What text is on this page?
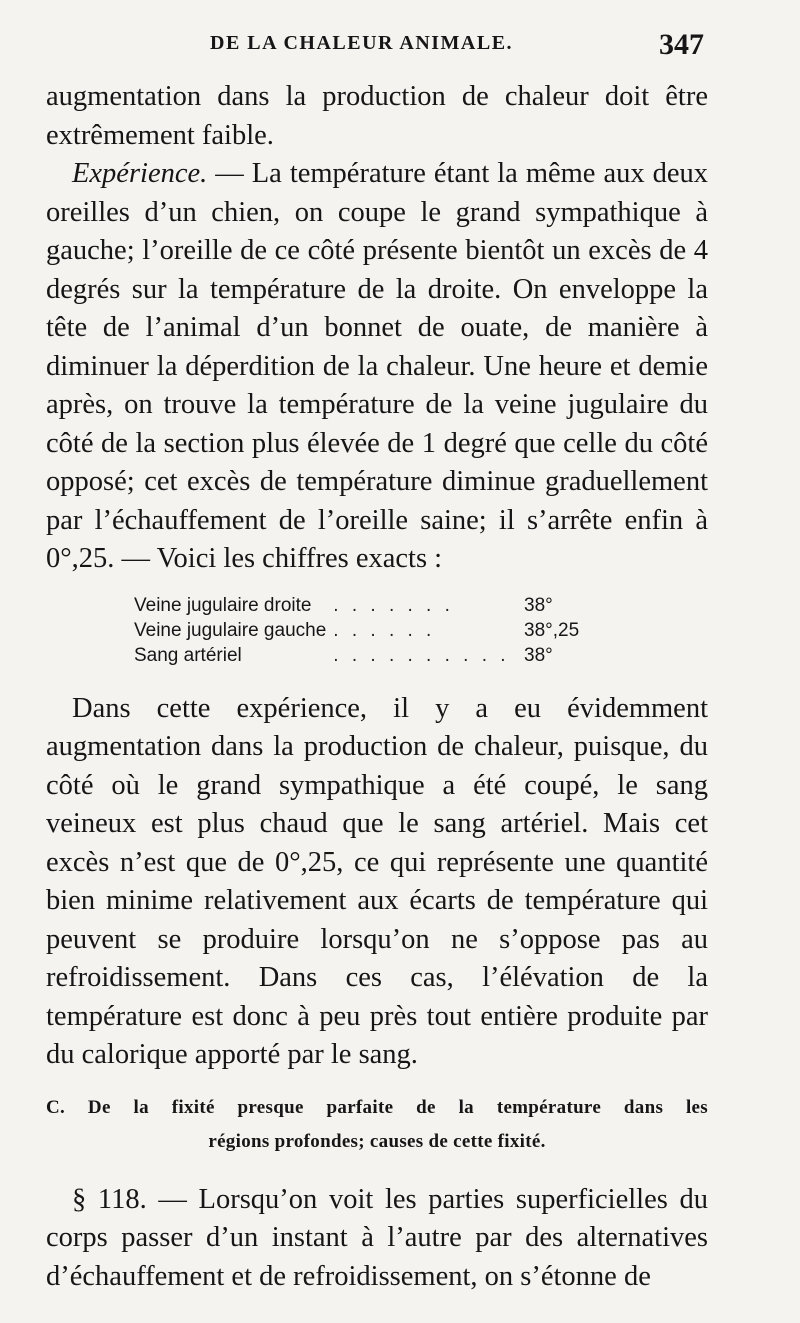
DE LA CHALEUR ANIMALE.	347

augmentation dans la production de chaleur doit être extrêmement faible.

Expérience. — La température étant la même aux deux oreilles d’un chien, on coupe le grand sympathique à gauche; l’oreille de ce côté présente bientôt un excès de 4 degrés sur la température de la droite. On enveloppe la tête de l’animal d’un bonnet de ouate, de manière à diminuer la déperdition de la chaleur. Une heure et demie après, on trouve la température de la veine jugulaire du côté de la section plus élevée de 1 degré que celle du côté opposé; cet excès de température diminue graduellement par l’échauffement de l’oreille saine; il s’arrête enfin à 0°,25. — Voici les chiffres exacts :

Veine jugulaire droite	. . . . . . .	38°
Veine jugulaire gauche	. . . . . .	38°,25
Sang artériel	. . . . . . . . . .	38°

Dans cette expérience, il y a eu évidemment augmentation dans la production de chaleur, puisque, du côté où le grand sympathique a été coupé, le sang veineux est plus chaud que le sang artériel. Mais cet excès n’est que de 0°,25, ce qui représente une quantité bien minime relativement aux écarts de température qui peuvent se produire lorsqu’on ne s’oppose pas au refroidissement. Dans ces cas, l’élévation de la température est donc à peu près tout entière produite par du calorique apporté par le sang.

C. De la fixité presque parfaite de la température dans les
régions profondes; causes de cette fixité.

§ 118. — Lorsqu’on voit les parties superficielles du corps passer d’un instant à l’autre par des alternatives d’échauffement et de refroidissement, on s’étonne de
